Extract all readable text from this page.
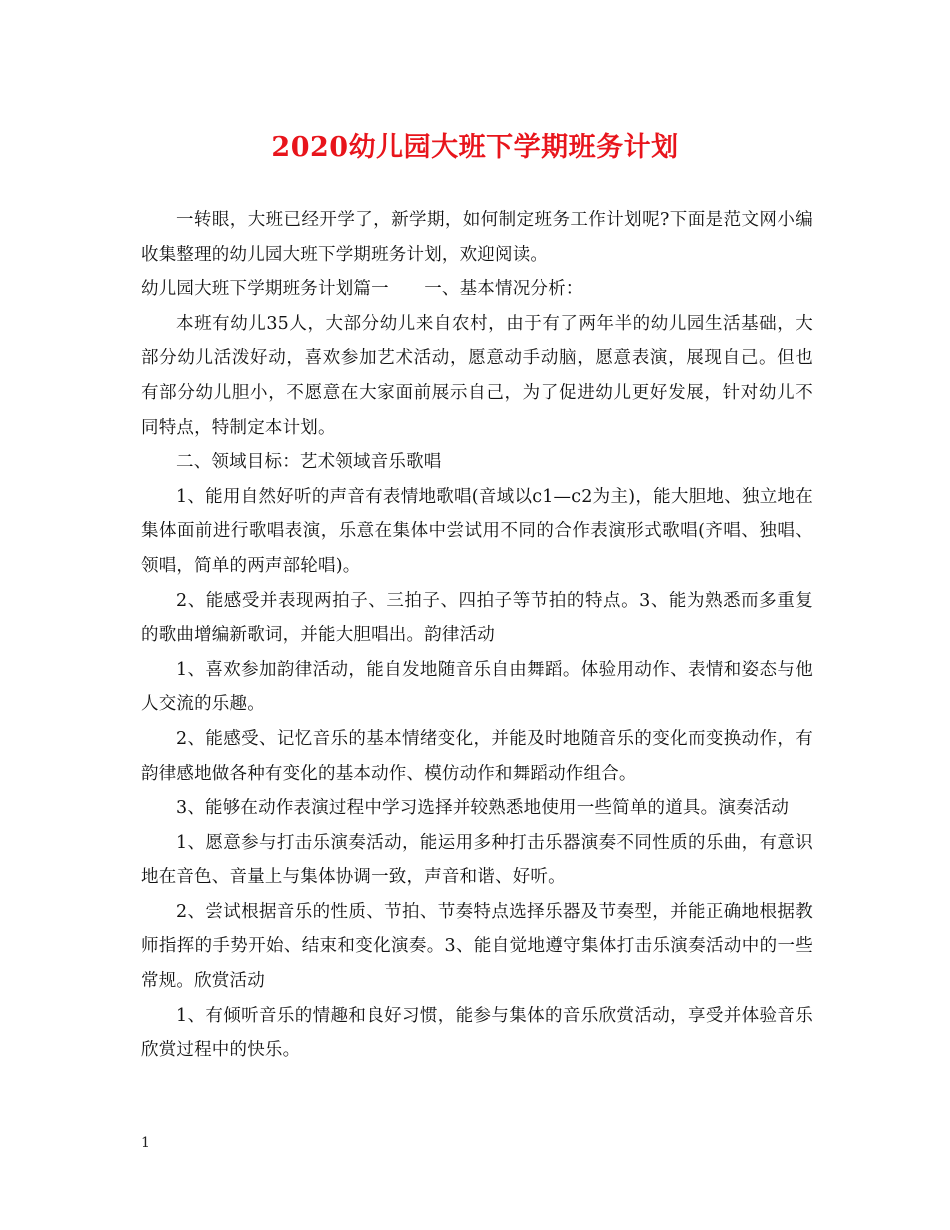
2020幼儿园大班下学期班务计划

一转眼，大班已经开学了，新学期，如何制定班务工作计划呢?下面是范文网小编收集整理的幼儿园大班下学期班务计划，欢迎阅读。

幼儿园大班下学期班务计划篇一　　一、基本情况分析：

本班有幼儿35人，大部分幼儿来自农村，由于有了两年半的幼儿园生活基础，大部分幼儿活泼好动，喜欢参加艺术活动，愿意动手动脑，愿意表演，展现自己。但也有部分幼儿胆小，不愿意在大家面前展示自己，为了促进幼儿更好发展，针对幼儿不同特点，特制定本计划。

二、领域目标：艺术领域音乐歌唱

1、能用自然好听的声音有表情地歌唱(音域以c1—c2为主)，能大胆地、独立地在集体面前进行歌唱表演，乐意在集体中尝试用不同的合作表演形式歌唱(齐唱、独唱、领唱，简单的两声部轮唱)。

2、能感受并表现两拍子、三拍子、四拍子等节拍的特点。3、能为熟悉而多重复的歌曲增编新歌词，并能大胆唱出。韵律活动

1、喜欢参加韵律活动，能自发地随音乐自由舞蹈。体验用动作、表情和姿态与他人交流的乐趣。

2、能感受、记忆音乐的基本情绪变化，并能及时地随音乐的变化而变换动作，有韵律感地做各种有变化的基本动作、模仿动作和舞蹈动作组合。

3、能够在动作表演过程中学习选择并较熟悉地使用一些简单的道具。演奏活动

1、愿意参与打击乐演奏活动，能运用多种打击乐器演奏不同性质的乐曲，有意识地在音色、音量上与集体协调一致，声音和谐、好听。

2、尝试根据音乐的性质、节拍、节奏特点选择乐器及节奏型，并能正确地根据教师指挥的手势开始、结束和变化演奏。3、能自觉地遵守集体打击乐演奏活动中的一些常规。欣赏活动

1、有倾听音乐的情趣和良好习惯，能参与集体的音乐欣赏活动，享受并体验音乐欣赏过程中的快乐。

1
